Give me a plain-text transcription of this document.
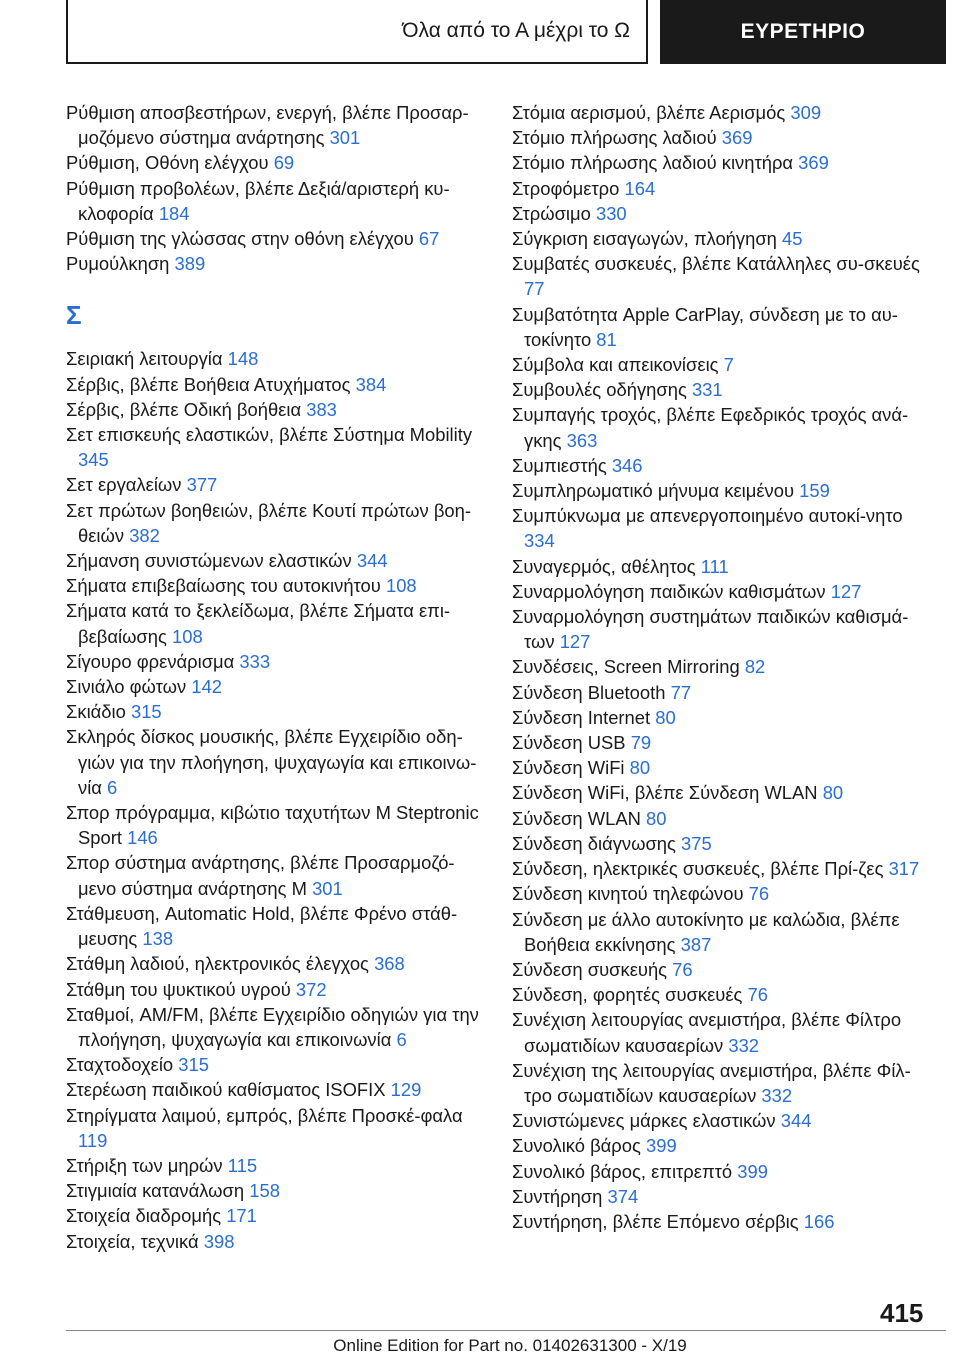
Όλα από το Α μέχρι το Ω	ΕΥΡΕΤΗΡΙΟ

Ρύθμιση αποσβεστήρων, ενεργή, βλέπε Προσαρ‐μοζόμενο σύστημα ανάρτησης 301

Ρύθμιση, Οθόνη ελέγχου 69

Ρύθμιση προβολέων, βλέπε Δεξιά/αριστερή κυ‐κλοφορία 184

Ρύθμιση της γλώσσας στην οθόνη ελέγχου 67

Ρυμούλκηση 389

Σ

Σειριακή λειτουργία 148

Σέρβις, βλέπε Βοήθεια Ατυχήματος 384

Σέρβις, βλέπε Οδική βοήθεια 383

Σετ επισκευής ελαστικών, βλέπε Σύστημα Mobility 345

Σετ εργαλείων 377

Σετ πρώτων βοηθειών, βλέπε Κουτί πρώτων βοη‐θειών 382

Σήμανση συνιστώμενων ελαστικών 344

Σήματα επιβεβαίωσης του αυτοκινήτου 108

Σήματα κατά το ξεκλείδωμα, βλέπε Σήματα επι‐βεβαίωσης 108

Σίγουρο φρενάρισμα 333

Σινιάλο φώτων 142

Σκιάδιο 315

Σκληρός δίσκος μουσικής, βλέπε Εγχειρίδιο οδη‐γιών για την πλοήγηση, ψυχαγωγία και επικοινω‐νία 6

Σπορ πρόγραμμα, κιβώτιο ταχυτήτων M Steptronic Sport 146

Σπορ σύστημα ανάρτησης, βλέπε Προσαρμοζό‐μενο σύστημα ανάρτησης M 301

Στάθμευση, Automatic Hold, βλέπε Φρένο στάθ‐μευσης 138

Στάθμη λαδιού, ηλεκτρονικός έλεγχος 368

Στάθμη του ψυκτικού υγρού 372

Σταθμοί, AM/FM, βλέπε Εγχειρίδιο οδηγιών για την πλοήγηση, ψυχαγωγία και επικοινωνία 6

Σταχτοδοχείο 315

Στερέωση παιδικού καθίσματος ISOFIX 129

Στηρίγματα λαιμού, εμπρός, βλέπε Προσκέ‐φαλα 119

Στήριξη των μηρών 115

Στιγμιαία κατανάλωση 158

Στοιχεία διαδρομής 171

Στοιχεία, τεχνικά 398

Στόμια αερισμού, βλέπε Αερισμός 309

Στόμιο πλήρωσης λαδιού 369

Στόμιο πλήρωσης λαδιού κινητήρα 369

Στροφόμετρο 164

Στρώσιμο 330

Σύγκριση εισαγωγών, πλοήγηση 45

Συμβατές συσκευές, βλέπε Κατάλληλες συ‐σκευές 77

Συμβατότητα Apple CarPlay, σύνδεση με το αυ‐τοκίνητο 81

Σύμβολα και απεικονίσεις 7

Συμβουλές οδήγησης 331

Συμπαγής τροχός, βλέπε Εφεδρικός τροχός ανά‐γκης 363

Συμπιεστής 346

Συμπληρωματικό μήνυμα κειμένου 159

Συμπύκνωμα με απενεργοποιημένο αυτοκί‐νητο 334

Συναγερμός, αθέλητος 111

Συναρμολόγηση παιδικών καθισμάτων 127

Συναρμολόγηση συστημάτων παιδικών καθισμά‐των 127

Συνδέσεις, Screen Mirroring 82

Σύνδεση Bluetooth 77

Σύνδεση Internet 80

Σύνδεση USB 79

Σύνδεση WiFi 80

Σύνδεση WiFi, βλέπε Σύνδεση WLAN 80

Σύνδεση WLAN 80

Σύνδεση διάγνωσης 375

Σύνδεση, ηλεκτρικές συσκευές, βλέπε Πρί‐ζες 317

Σύνδεση κινητού τηλεφώνου 76

Σύνδεση με άλλο αυτοκίνητο με καλώδια, βλέπε Βοήθεια εκκίνησης 387

Σύνδεση συσκευής 76

Σύνδεση, φορητές συσκευές 76

Συνέχιση λειτουργίας ανεμιστήρα, βλέπε Φίλτρο σωματιδίων καυσαερίων 332

Συνέχιση της λειτουργίας ανεμιστήρα, βλέπε Φίλ‐τρο σωματιδίων καυσαερίων 332

Συνιστώμενες μάρκες ελαστικών 344

Συνολικό βάρος 399

Συνολικό βάρος, επιτρεπτό 399

Συντήρηση 374

Συντήρηση, βλέπε Επόμενο σέρβις 166

415
Online Edition for Part no. 01402631300 - X/19
